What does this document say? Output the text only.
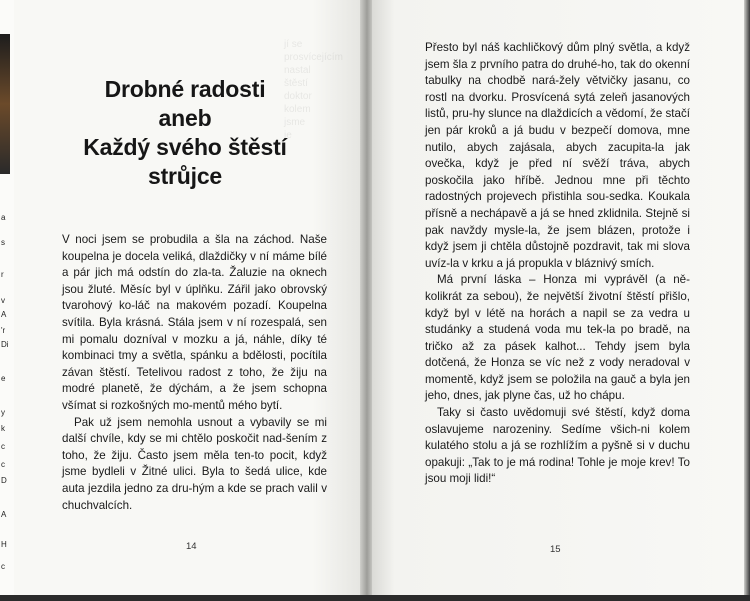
a
s
r
v
A
'r
Di
e
y
k
c
c
D
A
H
c
jí se prosvícejícím
nastal
štěstí
doktor
kolem
jsme
je
Drobné radosti
aneb
Každý svého štěstí
strůjce

V noci jsem se probudila a šla na záchod. Naše koupelna je docela veliká, dlaždičky v ní máme bílé a pár jich má odstín do zla-ta. Žaluzie na oknech jsou žluté. Měsíc byl v úplňku. Zářil jako obrovský tvarohový ko-láč na makovém pozadí. Koupelna svítila. Byla krásná. Stála jsem v ní rozespalá, sen mi pomalu dozníval v mozku a já, náhle, díky té kombinaci tmy a světla, spánku a bdělosti, pocítila závan štěstí. Tetelivou radost z toho, že žiju na modré planetě, že dýchám, a že jsem schopna všímat si rozkošných mo-mentů mého bytí.

Pak už jsem nemohla usnout a vybavily se mi další chvíle, kdy se mi chtělo poskočit nad-šením z toho, že žiju. Často jsem měla ten-to pocit, když jsme bydleli v Žitné ulici. Byla to šedá ulice, kde auta jezdila jedno za dru-hým a kde se prach valil v chuchvalcích.

14

Přesto byl náš kachličkový dům plný světla, a když jsem šla z prvního patra do druhé-ho, tak do okenní tabulky na chodbě nará-žely větvičky jasanu, co rostl na dvorku. Prosvícená sytá zeleň jasanových listů, pru-hy slunce na dlaždicích a vědomí, že stačí jen pár kroků a já budu v bezpečí domova, mne nutilo, abych zajásala, abych zacupita-la jak ovečka, když je před ní svěží tráva, abych poskočila jako hříbě. Jednou mne při těchto radostných projevech přistihla sou-sedka. Koukala přísně a nechápavě a já se hned zklidnila. Stejně si pak navždy mysle-la, že jsem blázen, protože i když jsem ji chtěla důstojně pozdravit, tak mi slova uvíz-la v krku a já propukla v bláznivý smích.

Má první láska – Honza mi vyprávěl (a ně-kolikrát za sebou), že největší životní štěstí přišlo, když byl v létě na horách a napil se za vedra u studánky a studená voda mu tek-la po bradě, na tričko až za pásek kalhot... Tehdy jsem byla dotčená, že Honza se víc než z vody neradoval v momentě, když jsem se položila na gauč a byla jen jeho, dnes, jak plyne čas, už ho chápu.

Taky si často uvědomuji své štěstí, když doma oslavujeme narozeniny. Sedíme všich-ni kolem kulatého stolu a já se rozhlížím a pyšně si v duchu opakuji: „Tak to je má rodina! Tohle je moje krev! To jsou moji lidi!“

15
